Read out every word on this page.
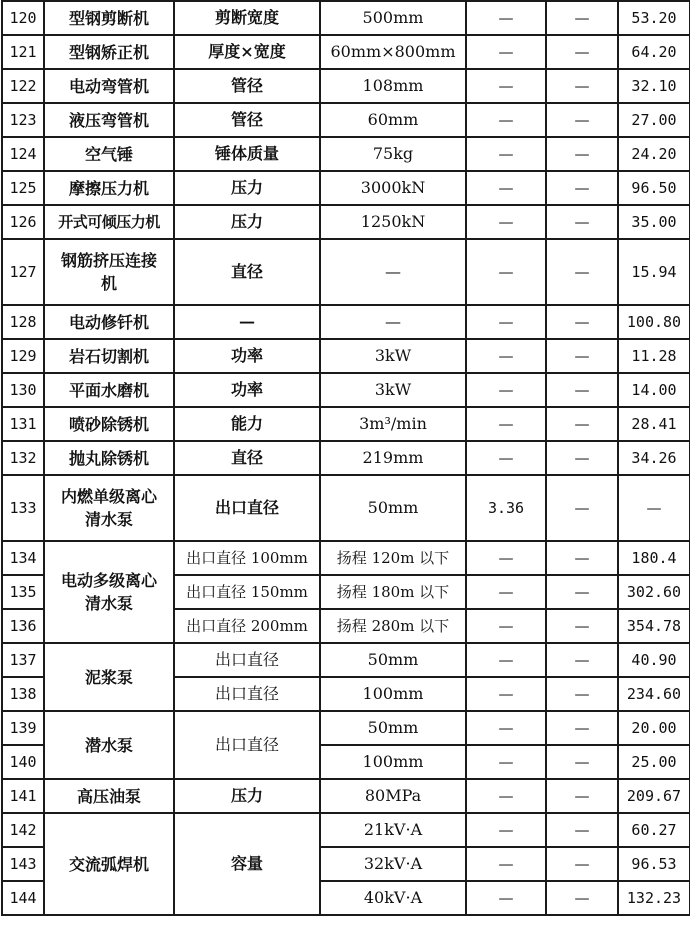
120	型钢剪断机	剪断宽度	500mm	—	—	53.20
121	型钢矫正机	厚度×宽度	60mm×800mm	—	—	64.20
122	电动弯管机	管径	108mm	—	—	32.10
123	液压弯管机	管径	60mm	—	—	27.00
124	空气锤	锤体质量	75kg	—	—	24.20
125	摩擦压力机	压力	3000kN	—	—	96.50
126	开式可倾压力机	压力	1250kN	—	—	35.00
127	钢筋挤压连接机	直径	—	—	—	15.94
128	电动修钎机	—	—	—	—	100.80
129	岩石切割机	功率	3kW	—	—	11.28
130	平面水磨机	功率	3kW	—	—	14.00
131	喷砂除锈机	能力	3m³/min	—	—	28.41
132	抛丸除锈机	直径	219mm	—	—	34.26
133	内燃单级离心清水泵	出口直径	50mm	3.36	—	—
134	电动多级离心清水泵	出口直径 100mm	扬程 120m 以下	—	—	180.4
135		出口直径 150mm	扬程 180m 以下	—	—	302.60
136		出口直径 200mm	扬程 280m 以下	—	—	354.78
137	泥浆泵	出口直径	50mm	—	—	40.90
138		出口直径	100mm	—	—	234.60
139	潜水泵	出口直径	50mm	—	—	20.00
140			100mm	—	—	25.00
141	高压油泵	压力	80MPa	—	—	209.67
142	交流弧焊机	容量	21kV·A	—	—	60.27
143			32kV·A	—	—	96.53
144			40kV·A	—	—	132.23
